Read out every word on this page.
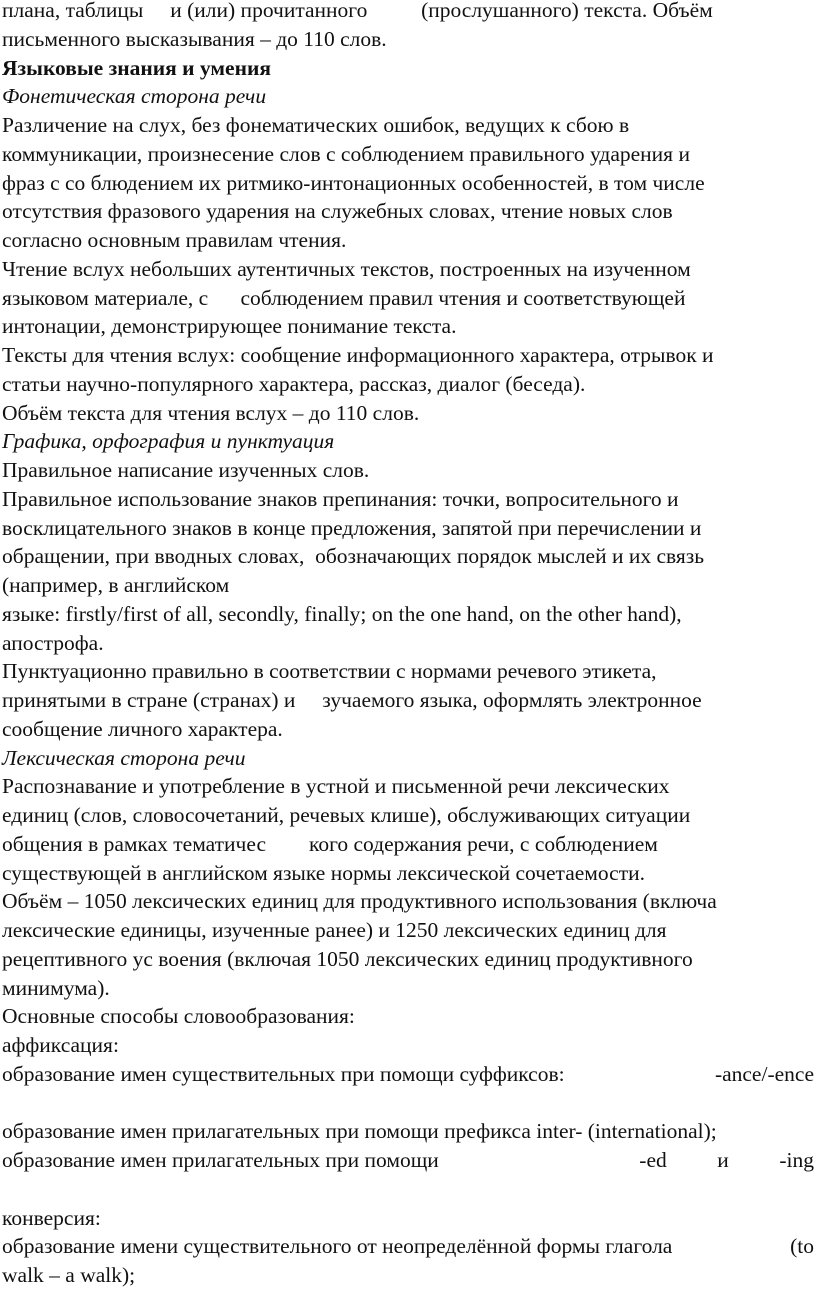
плана, таблицы     и (или) прочитанного          (прослушанного) текста. Объём
письменного высказывания – до 110 слов.
Языковые знания и умения
Фонетическая сторона речи
Различение на слух, без фонематических ошибок, ведущих к сбою в
коммуникации, произнесение слов с соблюдением правильного ударения и
фраз с со блюдением их ритмико-интонационных особенностей, в том числе
отсутствия фразового ударения на служебных словах, чтение новых слов
согласно основным правилам чтения.
Чтение вслух небольших аутентичных текстов, построенных на изученном
языковом материале, с      соблюдением правил чтения и соответствующей
интонации, демонстрирующее понимание текста.
Тексты для чтения вслух: сообщение информационного характера, отрывок и
статьи научно-популярного характера, рассказ, диалог (беседа).
Объём текста для чтения вслух – до 110 слов.
Графика, орфография и пунктуация
Правильное написание изученных слов.
Правильное использование знаков препинания: точки, вопросительного и
восклицательного знаков в конце предложения, запятой при перечислении и
обращении, при вводных словах,  обозначающих порядок мыслей и их связь
(например, в английском
языке: firstly/first of all, secondly, finally; on the one hand, on the other hand),
апострофа.
Пунктуационно правильно в соответствии с нормами речевого этикета,
принятыми в стране (странах) и     зучаемого языка, оформлять электронное
сообщение личного характера.
Лексическая сторона речи
Распознавание и употребление в устной и письменной речи лексических
единиц (слов, словосочетаний, речевых клише), обслуживающих ситуации
общения в рамках тематичес        кого содержания речи, с соблюдением
существующей в английском языке нормы лексической сочетаемости.
Объём – 1050 лексических единиц для продуктивного использования (включа
лексические единицы, изученные ранее) и 1250 лексических единиц для
рецептивного ус воения (включая 1050 лексических единиц продуктивного
минимума).
Основные способы словообразования:
аффиксация:
образование имен существительных при помощи суффиксов:	-ance/-ence
образование имен прилагательных при помощи префикса inter- (international);
образование имен прилагательных при помощи	-ed и -ing
конверсия:
образование имени существительного от неопределённой формы глагола	(to
walk – a walk);
